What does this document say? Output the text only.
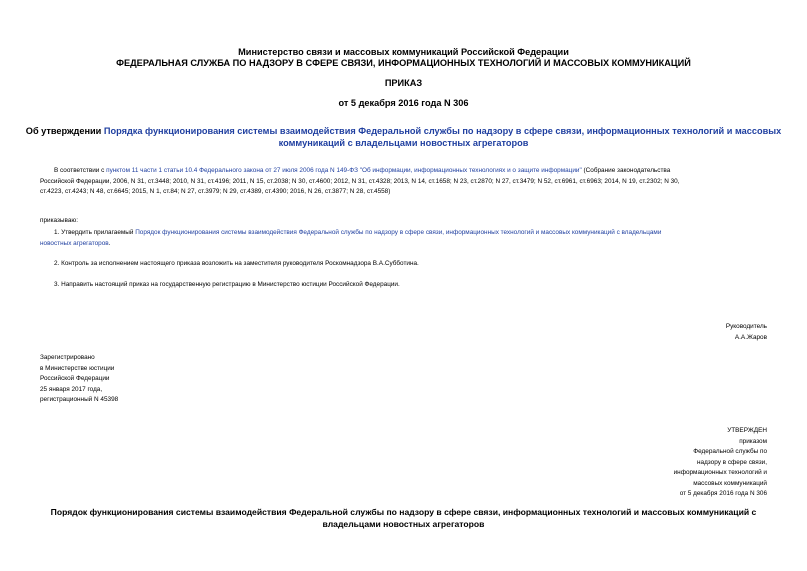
Министерство связи и массовых коммуникаций Российской Федерации
ФЕДЕРАЛЬНАЯ СЛУЖБА ПО НАДЗОРУ В СФЕРЕ СВЯЗИ, ИНФОРМАЦИОННЫХ ТЕХНОЛОГИЙ И МАССОВЫХ КОММУНИКАЦИЙ
ПРИКАЗ
от 5 декабря 2016 года N 306
Об утверждении Порядка функционирования системы взаимодействия Федеральной службы по надзору в сфере связи, информационных технологий и массовых
коммуникаций с владельцами новостных агрегаторов
В соответствии с пунктом 11 части 1 статьи 10.4 Федерального закона от 27 июля 2006 года N 149-ФЗ "Об информации, информационных технологиях и о защите информации" (Собрание законодательства
Российской Федерации, 2006, N 31, ст.3448; 2010, N 31, ст.4196; 2011, N 15, ст.2038; N 30, ст.4600; 2012, N 31, ст.4328; 2013, N 14, ст.1658; N 23, ст.2870; N 27, ст.3479; N 52, ст.6961, ст.6963; 2014, N 19, ст.2302; N 30,
ст.4223, ст.4243; N 48, ст.6645; 2015, N 1, ст.84; N 27, ст.3979; N 29, ст.4389, ст.4390; 2016, N 26, ст.3877; N 28, ст.4558)
приказываю:
1. Утвердить прилагаемый Порядок функционирования системы взаимодействия Федеральной службы по надзору в сфере связи, информационных технологий и массовых коммуникаций с владельцами
новостных агрегаторов.
2. Контроль за исполнением настоящего приказа возложить на заместителя руководителя Роскомнадзора В.А.Субботина.
3. Направить настоящий приказ на государственную регистрацию в Министерство юстиции Российской Федерации.
Руководитель
А.А.Жаров
Зарегистрировано
в Министерстве юстиции
Российской Федерации
25 января 2017 года,
регистрационный N 45398
УТВЕРЖДЕН
приказом
Федеральной службы по
надзору в сфере связи,
информационных технологий и
массовых коммуникаций
от 5 декабря 2016 года N 306
Порядок функционирования системы взаимодействия Федеральной службы по надзору в сфере связи, информационных технологий и массовых коммуникаций с
владельцами новостных агрегаторов
